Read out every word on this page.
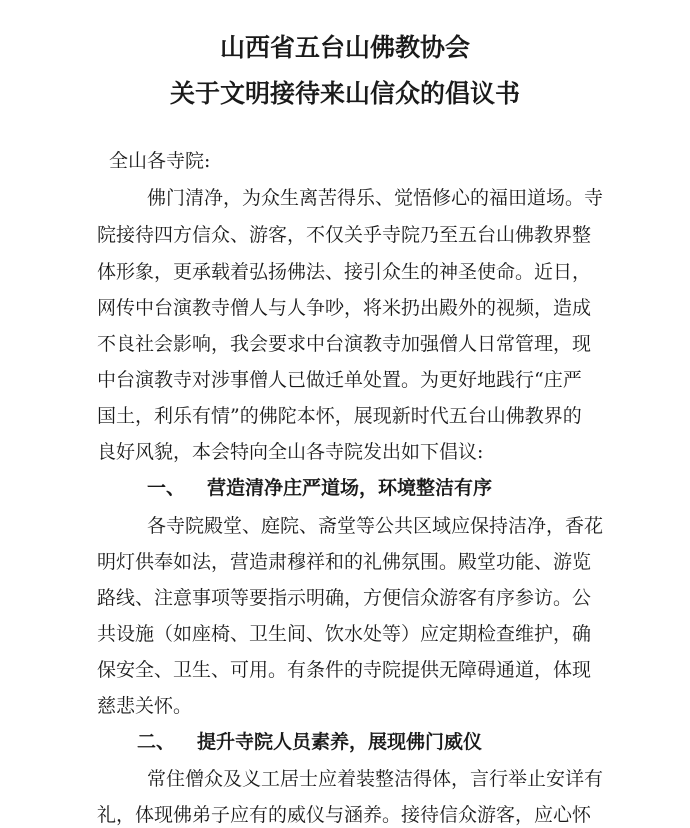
山西省五台山佛教协会
关于文明接待来山信众的倡议书

全山各寺院:

佛门清净，为众生离苦得乐、觉悟修心的福田道场。寺

院接待四方信众、游客，不仅关乎寺院乃至五台山佛教界整

体形象，更承载着弘扬佛法、接引众生的神圣使命。近日，

网传中台演教寺僧人与人争吵，将米扔出殿外的视频，造成

不良社会影响，我会要求中台演教寺加强僧人日常管理，现

中台演教寺对涉事僧人已做迁单处置。为更好地践行“庄严

国土，利乐有情”的佛陀本怀，展现新时代五台山佛教界的

良好风貌，本会特向全山各寺院发出如下倡议:

一、 营造清净庄严道场，环境整洁有序

各寺院殿堂、庭院、斋堂等公共区域应保持洁净，香花

明灯供奉如法，营造肃穆祥和的礼佛氛围。殿堂功能、游览

路线、注意事项等要指示明确，方便信众游客有序参访。公

共设施（如座椅、卫生间、饮水处等）应定期检查维护，确

保安全、卫生、可用。有条件的寺院提供无障碍通道，体现

慈悲关怀。

二、 提升寺院人员素养，展现佛门威仪

常住僧众及义工居士应着装整洁得体，言行举止安详有

礼，体现佛弟子应有的威仪与涵养。接待信众游客，应心怀
